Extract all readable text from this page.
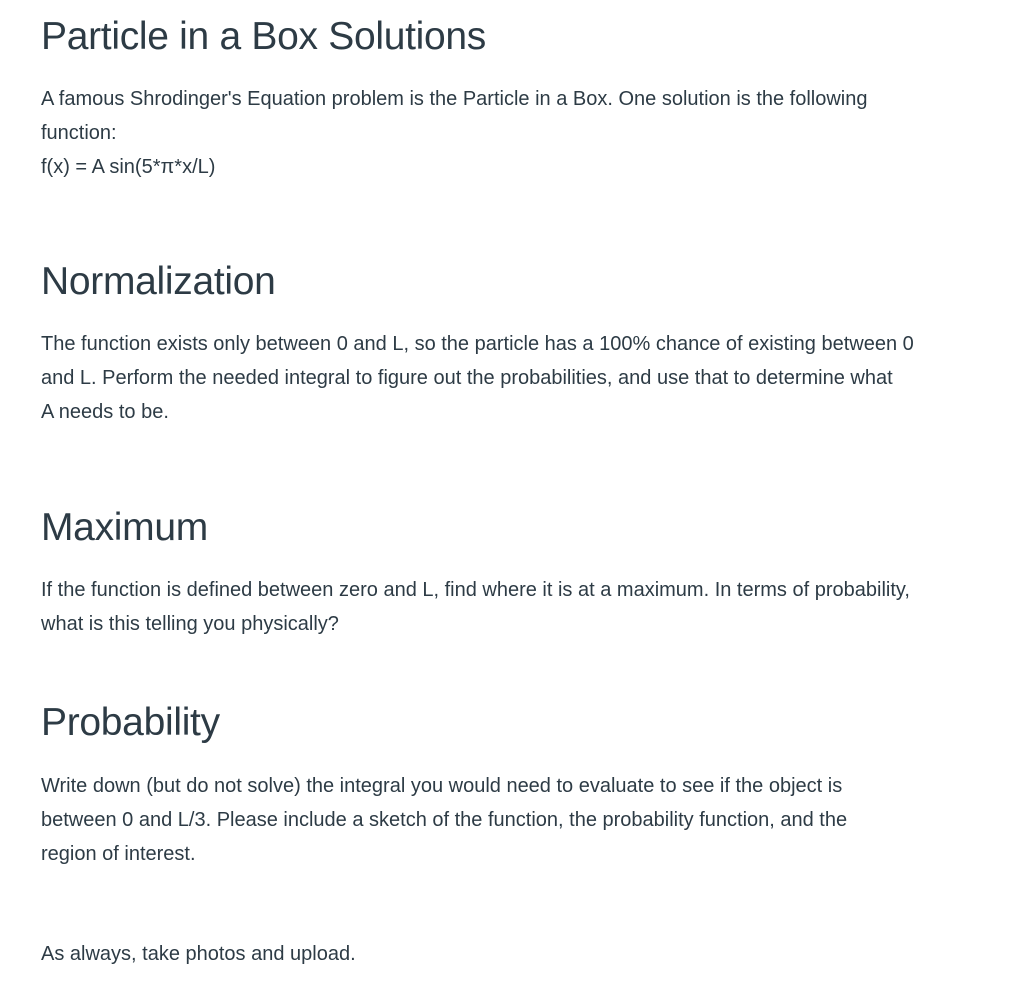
Particle in a Box Solutions

A famous Shrodinger's Equation problem is the Particle in a Box. One solution is the following
function:
f(x) = A sin(5*π*x/L)

Normalization

The function exists only between 0 and L, so the particle has a 100% chance of existing between 0
and L. Perform the needed integral to figure out the probabilities, and use that to determine what
A needs to be.

Maximum

If the function is defined between zero and L, find where it is at a maximum. In terms of probability,
what is this telling you physically?

Probability

Write down (but do not solve) the integral you would need to evaluate to see if the object is
between 0 and L/3. Please include a sketch of the function, the probability function, and the
region of interest.

As always, take photos and upload.
